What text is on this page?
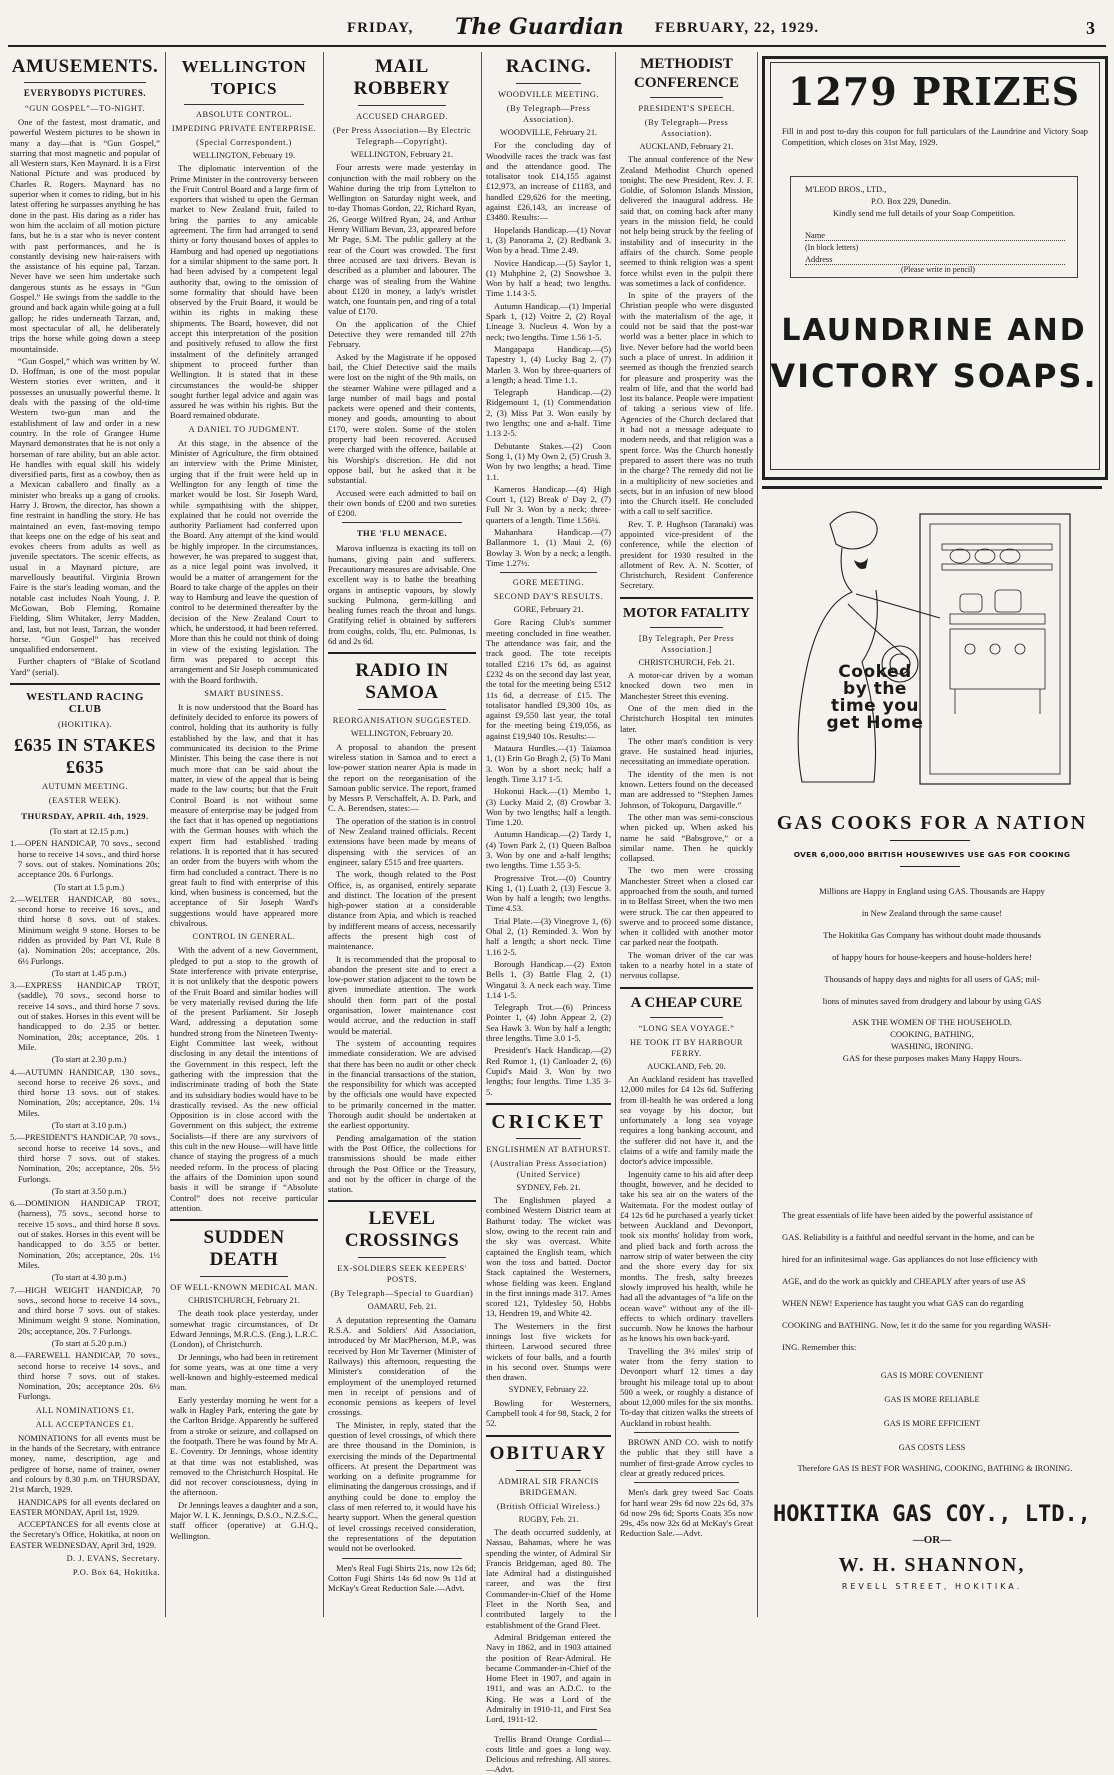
FRIDAY, The Guardian FEBRUARY, 22, 1929.	3
AMUSEMENTS.
EVERYBODYS PICTURES.
“GUN GOSPEL”—TO-NIGHT.

One of the fastest, most dramatic, and powerful Western pictures to be shown in many a day—that is “Gun Gospel,” starring that most magnetic and popular of all Western stars, Ken Maynard. It is a First National Picture and was produced by Charles R. Rogers. Maynard has no superior when it comes to riding, but in his latest offering he surpasses anything he has done in the past. His daring as a rider has won him the acclaim of all motion picture fans, but he is a star who is never content with past performances, and he is constantly devising new hair-raisers with the assistance of his equine pal, Tarzan. Never have we seen him undertake such dangerous stunts as he essays in “Gun Gospel.” He swings from the saddle to the ground and back again while going at a full gallop; he rides underneath Tarzan, and, most spectacular of all, he deliberately trips the horse while going down a steep mountainside.

“Gun Gospel,” which was written by W. D. Hoffman, is one of the most popular Western stories ever written, and it possesses an unusually powerful theme. It deals with the passing of the old-time Western two-gun man and the establishment of law and order in a new country. In the role of Grangee Hume Maynard demonstrates that he is not only a horseman of rare ability, but an able actor. He handles with equal skill his widely diversified parts, first as a cowboy, then as a Mexican caballero and finally as a minister who breaks up a gang of crooks. Harry J. Brown, the director, has shown a fine restraint in handling the story. He has maintained an even, fast-moving tempo that keeps one on the edge of his seat and evokes cheers from adults as well as juvenile spectators. The scenic effects, as usual in a Maynard picture, are marvellously beautiful. Virginia Brown Faire is the star's leading woman, and the notable cast includes Noah Young, J. P. McGowan, Bob Fleming, Romaine Fielding, Slim Whitaker, Jerry Madden, and, last, but not least, Tarzan, the wonder horse. “Gun Gospel” has received unqualified endorsement.

Further chapters of “Blake of Scotland Yard” (serial).

WESTLAND RACING CLUB
(HOKITIKA).
£635 IN STAKES £635
AUTUMN MEETING.
(EASTER WEEK).
THURSDAY, APRIL 4th, 1929.

(To start at 12.15 p.m.)

1.—OPEN HANDICAP, 70 sovs., second horse to receive 14 sovs., and third horse 7 sovs. out of stakes. Nominations 20s; acceptance 20s. 6 Furlongs.

(To start at 1.5 p.m.)

2.—WELTER HANDICAP, 80 sovs., second horse to receive 16 sovs., and third horse 8 sovs. out of stakes. Minimum weight 9 stone. Horses to be ridden as provided by Part VI, Rule 8 (a). Nomination 20s; acceptance, 20s. 6½ Furlongs.

(To start at 1.45 p.m.)

3.—EXPRESS HANDICAP TROT, (saddle), 70 sovs., second horse to receive 14 sovs., and third horse 7 sovs. out of stakes. Horses in this event will be handicapped to do 2.35 or better. Nomination, 20s; acceptance, 20s. 1 Mile.

(To start at 2.30 p.m.)

4.—AUTUMN HANDICAP, 130 sovs., second horse to receive 26 sovs., and third horse 13 sovs. out of stakes. Nomination, 20s; acceptance, 20s. 1¼ Miles.

(To start at 3.10 p.m.)

5.—PRESIDENT'S HANDICAP, 70 sovs., second horse to receive 14 sovs., and third horse 7 sovs. out of stakes. Nomination, 20s; acceptance, 20s. 5½ Furlongs.

(To start at 3.50 p.m.)

6.—DOMINION HANDICAP TROT, (harness), 75 sovs., second horse to receive 15 sovs., and third horse 8 sovs. out of stakes. Horses in this event will be handicapped to do 3.55 or better. Nomination, 20s; acceptance, 20s. 1½ Miles.

(To start at 4.30 p.m.)

7.—HIGH WEIGHT HANDICAP, 70 sovs., second horse to receive 14 sovs., and third horse 7 sovs. out of stakes. Minimum weight 9 stone. Nomination, 20s; acceptance, 20s. 7 Furlongs.

(To start at 5.20 p.m.)

8.—FAREWELL HANDICAP, 70 sovs., second horse to receive 14 sovs., and third horse 7 sovs. out of stakes. Nomination, 20s; acceptance 20s. 6½ Furlongs.

ALL NOMINATIONS £1.
ALL ACCEPTANCES £1.

NOMINATIONS for all events must be in the hands of the Secretary, with entrance money, name, description, age and pedigree of horse, name of trainer, owner and colours by 8.30 p.m. on THURSDAY, 21st March, 1929.

HANDICAPS for all events declared on EASTER MONDAY, April 1st, 1929.

ACCEPTANCES for all events close at the Secretary's Office, Hokitika, at noon on EASTER WEDNESDAY, April 3rd, 1929.

D. J. EVANS, Secretary.
P.O. Box 64, Hokitika.
WELLINGTON TOPICS
ABSOLUTE CONTROL.
IMPEDING PRIVATE ENTERPRISE.
(Special Correspondent.)
WELLINGTON, February 19.

The diplomatic intervention of the Prime Minister in the controversy between the Fruit Control Board and a large firm of exporters that wished to open the German market to New Zealand fruit, failed to bring the parties to any amicable agreement. The firm had arranged to send thirty or forty thousand boxes of apples to Hamburg and had opened up negotiations for a similar shipment to the same port. It had been advised by a competent legal authority that, owing to the omission of some formality that should have been observed by the Fruit Board, it would be within its rights in making these shipments. The Board, however, did not accept this interpretation of the position and positively refused to allow the first instalment of the definitely arranged shipment to proceed further than Wellington. It is stated that in these circumstances the would-be shipper sought further legal advice and again was assured he was within his rights. But the Board remained obdurate.

A DANIEL TO JUDGMENT.

At this stage, in the absence of the Minister of Agriculture, the firm obtained an interview with the Prime Minister, urging that if the fruit were held up in Wellington for any length of time the market would be lost. Sir Joseph Ward, while sympathising with the shipper, explained that he could not override the authority Parliament had conferred upon the Board. Any attempt of the kind would be highly improper. In the circumstances, however, he was prepared to suggest that, as a nice legal point was involved, it would be a matter of arrangement for the Board to take charge of the apples on their way to Hamburg and leave the question of control to be determined thereafter by the decision of the New Zealand Court to which, he understood, it had been referred. More than this he could not think of doing in view of the existing legislation. The firm was prepared to accept this arrangement and Sir Joseph communicated with the Board forthwith.

SMART BUSINESS.

It is now understood that the Board has definitely decided to enforce its powers of control, holding that its authority is fully established by the law, and that it has communicated its decision to the Prime Minister. This being the case there is not much more that can be said about the matter, in view of the appeal that is being made to the law courts; but that the Fruit Control Board is not without some measure of enterprise may be judged from the fact that it has opened up negotiations with the German houses with which the expert firm had established trading relations. It is reported that it has secured an order from the buyers with whom the firm had concluded a contract. There is no great fault to find with enterprise of this kind, when business is concerned, but the acceptance of Sir Joseph Ward's suggestions would have appeared more chivalrous.

CONTROL IN GENERAL.

With the advent of a new Government, pledged to put a stop to the growth of State interference with private enterprise, it is not unlikely that the despotic powers of the Fruit Board and similar bodies will be very materially revised during the life of the present Parliament. Sir Joseph Ward, addressing a deputation some hundred strong from the Nineteen Twenty-Eight Committee last week, without disclosing in any detail the intentions of the Government in this respect, left the gathering with the impression that the indiscriminate trading of both the State and its subsidiary bodies would have to be drastically revised. As the new official Opposition is in close accord with the Government on this subject, the extreme Socialists—if there are any survivors of this cult in the new House—will have little chance of staying the progress of a much needed reform. In the process of placing the affairs of the Dominion upon sound basis it will be strange if “Absolute Control” does not receive particular attention.

SUDDEN DEATH
OF WELL-KNOWN MEDICAL MAN.
CHRISTCHURCH, February 21.

The death took place yesterday, under somewhat tragic circumstances, of Dr Edward Jennings, M.R.C.S. (Eng.), L.R.C. (London), of Christchurch.

Dr Jennings, who had been in retirement for some years, was at one time a very well-known and highly-esteemed medical man.

Early yesterday morning he went for a walk in Hagley Park, entering the gate by the Carlton Bridge. Apparently he suffered from a stroke or seizure, and collapsed on the footpath. There he was found by Mr A. E. Coventry. Dr Jennings, whose identity at that time was not established, was removed to the Christchurch Hospital. He did not recover consciousness, dying in the afternoon.

Dr Jennings leaves a daughter and a son, Major W. I. K. Jennings, D.S.O., N.Z.S.C., staff officer (operative) at G.H.Q., Wellington.

MAIL ROBBERY
ACCUSED CHARGED.
(Per Press Association—By Electric Telegraph—Copyright).
WELLINGTON, February 21.

Four arrests were made yesterday in conjunction with the mail robbery on the Wahine during the trip from Lyttelton to Wellington on Saturday night week, and to-day Thomas Gordon, 22, Richard Ryan, 26, George Wilfred Ryan, 24, and Arthur Henry William Bevan, 23, appeared before Mr Page, S.M. The public gallery at the rear of the Court was crowded. The first three accused are taxi drivers. Bevan is described as a plumber and labourer. The charge was of stealing from the Wahine about £120 in money, a lady's wristlet watch, one fountain pen, and ring of a total value of £170.

On the application of the Chief Detective they were remanded till 27th February.

Asked by the Magistrate if he opposed bail, the Chief Detective said the mails were lost on the night of the 9th mails, on the steamer Wahine were pillaged and a large number of mail bags and postal packets were opened and their contents, money and goods, amounting to about £170, were stolen. Some of the stolen property had been recovered. Accused were charged with the offence, bailable at his Worship's discretion. He did not oppose bail, but he asked that it be substantial.

Accused were each admitted to bail on their own bonds of £200 and two sureties of £200.

THE 'FLU MENACE.

Marova influenza is exacting its toll on humans, giving pain and sufferers. Precautionary measures are advisable. One excellent way is to bathe the breathing organs in antiseptic vapours, by slowly sucking Pulmona, germ-killing and healing fumes reach the throat and lungs. Gratifying relief is obtained by sufferers from coughs, colds, 'flu, etc. Pulmonas, 1s 6d and 2s 6d.

RADIO IN SAMOA
REORGANISATION SUGGESTED.
WELLINGTON, February 20.

A proposal to abandon the present wireless station in Samoa and to erect a low-power station nearer Apia is made in the report on the reorganisation of the Samoan public service. The report, framed by Messrs P. Verschaffelt, A. D. Park, and C. A. Berendsen, states:—

The operation of the station is in control of New Zealand trained officials. Recent extensions have been made by means of dispensing with the services of an engineer, salary £515 and free quarters.

The work, though related to the Post Office, is, as organised, entirely separate and distinct. The location of the present high-power station at a considerable distance from Apia, and which is reached by indifferent means of access, necessarily affects the present high cost of maintenance.

It is recommended that the proposal to abandon the present site and to erect a low-power station adjacent to the town be given immediate attention. The work should then form part of the postal organisation, lower maintenance cost would accrue, and the reduction in staff would be material.

The system of accounting requires immediate consideration. We are advised that there has been no audit or other check in the financial transactions of the station, the responsibility for which was accepted by the officials one would have expected to be primarily concerned in the matter. Thorough audit should be undertaken at the earliest opportunity.

Pending amalgamation of the station with the Post Office, the collections for transmissions should be made either through the Post Office or the Treasury, and not by the officer in charge of the station.

LEVEL CROSSINGS
EX-SOLDIERS SEEK KEEPERS' POSTS.
(By Telegraph—Special to Guardian)
OAMARU, Feb. 21.

A deputation representing the Oamaru R.S.A. and Soldiers' Aid Association, introduced by Mr MacPherson, M.P., was received by Hon Mr Taverner (Minister of Railways) this afternoon, requesting the Minister's consideration of the employment of the unemployed returned men in receipt of pensions and of economic pensions as keepers of level crossings.

The Minister, in reply, stated that the question of level crossings, of which there are three thousand in the Dominion, is exercising the minds of the Departmental officers. At present the Department was working on a definite programme for eliminating the dangerous crossings, and if anything could be done to employ the class of men referred to, it would have his hearty support. When the general question of level crossings received consideration, the representations of the deputation would not be overlooked.

Men's Real Fugi Shirts 21s, now 12s 6d; Cotton Fugi Shirts 14s 6d now 9s 11d at McKay's Great Reduction Sale.—Advt.

RACING.
WOODVILLE MEETING.
(By Telegraph—Press Association).
WOODVILLE, February 21.

For the concluding day of Woodville races the track was fast and the attendance good. The totalisator took £14,155 against £12,973, an increase of £1183, and handled £29,626 for the meeting, against £26,143, an increase of £3480. Results:—

Hopelands Handicap.—(1) Novar 1, (3) Panorama 2, (2) Redbank 3. Won by a head. Time 2.49.

Novice Handicap.—(5) Saylor 1, (1) Muhphine 2, (2) Snowshoe 3. Won by half a head; two lengths. Time 1.14 3-5.

Autumn Handicap.—(1) Imperial Spark 1, (12) Voitre 2, (2) Royal Lineage 3. Nucleus 4. Won by a neck; two lengths. Time 1.56 1-5.

Mangapapa Handicap.—(5) Tapestry 1, (4) Lucky Bag 2, (7) Marlen 3. Won by three-quarters of a length; a head. Time 1.1.

Telegraph Handicap.—(2) Ridgemount 1, (1) Commendation 2, (3) Miss Pat 3. Won easily by two lengths; one and a-half. Time 1.13 2-5.

Debutante Stakes.—(2) Coon Song 1, (1) My Own 2, (5) Crush 3. Won by two lengths; a head. Time 1.1.

Kameros Handicap.—(4) High Court 1, (12) Break o' Day 2, (7) Full Nr 3. Won by a neck; three-quarters of a length. Time 1.56¼.

Mahanhara Handicap.—(7) Ballanmore 1, (1) Maui 2, (6) Bowlay 3. Won by a neck; a length. Time 1.27½.

GORE MEETING.
SECOND DAY'S RESULTS.
GORE, February 21.

Gore Racing Club's summer meeting concluded in fine weather. The attendance was fair, and the track good. The tote receipts totalled £216 17s 6d, as against £232 4s on the second day last year, the total for the meeting being £512 11s 6d, a decrease of £15. The totalisator handled £9,300 10s, as against £9,550 last year, the total for the meeting being £19,056, as against £19,940 10s. Results:—

Mataura Hurdles.—(1) Taiamoa 1, (1) Erin Go Bragh 2, (5) To Mani 3. Won by a short neck; half a length. Time 3.17 1-5.

Hokonui Hack.—(1) Membo 1, (3) Lucky Maid 2, (8) Crowbar 3. Won by two lengths; half a length. Time 1.20.

Autumn Handicap.—(2) Tardy 1, (4) Town Park 2, (1) Queen Balboa 3. Won by one and a-half lengths; two lengths. Time 1.55 3-5.

Progressive Trot.—(0) Country King 1, (1) Luath 2, (13) Fescue 3. Won by half a length; two lengths. Time 4.53.

Trial Plate.—(3) Vinegrove 1, (6) Ohal 2, (1) Reminded 3. Won by half a length; a short neck. Time 1.16 2-5.

Borough Handicap.—(2) Exton Bells 1, (3) Battle Flag 2, (1) Wingatui 3. A neck each way. Time 1.14 1-5.

Telegraph Trot.—(6) Princess Pointer 1, (4) John Appear 2, (2) Sea Hawk 3. Won by half a length; three lengths. Time 3.0 1-5.

President's Hack Handicap.—(2) Red Rumor 1, (1) Canloader 2, (6) Cupid's Maid 3. Won by two lengths; four lengths. Time 1.35 3-5.

CRICKET
ENGLISHMEN AT BATHURST.
(Australian Press Association) (United Service)
SYDNEY, Feb. 21.

The Englishmen played a combined Western District team at Bathurst today. The wicket was slow, owing to the recent rain and the sky was overcast. White captained the English team, which won the toss and batted. Doctor Stack captained the Westerners, whose fielding was keen. England in the first innings made 317. Ames scored 121, Tyldesley 50, Hobbs 13, Hendren 19, and White 42.

The Westerners in the first innings lost five wickets for thirteen. Larwood secured three wickets of four balls, and a fourth in his second over. Stumps were then drawn.

SYDNEY, February 22.

Bowling for Westerners, Campbell took 4 for 98, Stack, 2 for 52.

OBITUARY
ADMIRAL SIR FRANCIS BRIDGEMAN.
(British Official Wireless.)
RUGBY, Feb. 21.

The death occurred suddenly, at Nassau, Bahamas, where he was spending the winter, of Admiral Sir Francis Bridgeman, aged 80. The late Admiral had a distinguished career, and was the first Commander-in-Chief of the Home Fleet in the North Sea, and contributed largely to the establishment of the Grand Fleet.

Admiral Bridgeman entered the Navy in 1862, and in 1903 attained the position of Rear-Admiral. He became Commander-in-Chief of the Home Fleet in 1907, and again in 1911, and was an A.D.C. to the King. He was a Lord of the Admiralty in 1910-11, and First Sea Lord, 1911-12.

Trellis Brand Orange Cordial—costs little and goes a long way. Delicious and refreshing. All stores.—Advt.

METHODIST
CONFERENCE
PRESIDENT'S SPEECH.
(By Telegraph—Press Association).
AUCKLAND, February 21.

The annual conference of the New Zealand Methodist Church opened tonight. The new President, Rev. J. F. Goldie, of Solomon Islands Mission, delivered the inaugural address. He said that, on coming back after many years in the mission field, he could not help being struck by the feeling of instability and of insecurity in the affairs of the church. Some people seemed to think religion was a spent force whilst even in the pulpit there was sometimes a lack of confidence.

In spite of the prayers of the Christian people who were disgusted with the materialism of the age, it could not be said that the post-war world was a better place in which to live. Never before had the world been such a place of unrest. In addition it seemed as though the frenzied search for pleasure and prosperity was the realm of life, and that the world had lost its balance. People were impatient of taking a serious view of life. Agencies of the Church declared that it had not a message adequate to modern needs, and that religion was a spent force. Was the Church honestly prepared to assert there was no truth in the charge? The remedy did not lie in a multiplicity of new societies and sects, but in an infusion of new blood into the Church itself. He concluded with a call to self sacrifice.

Rev. T. P. Hughson (Taranaki) was appointed vice-president of the conference, while the election of president for 1930 resulted in the allotment of Rev. A. N. Scotter, of Christchurch, Resident Conference Secretary.

MOTOR FATALITY
[By Telegraph, Per Press Association.]
CHRISTCHURCH, Feb. 21.

A motor-car driven by a woman knocked down two men in Manchester Street this evening.

One of the men died in the Christchurch Hospital ten minutes later.

The other man's condition is very grave. He sustained head injuries, necessitating an immediate operation.

The identity of the men is not known. Letters found on the deceased man are addressed to “Stephen James Johnson, of Tokopuru, Dargaville.”

The other man was semi-conscious when picked up. When asked his name he said “Babsgrove,” or a similar name. Then he quickly collapsed.

The two men were crossing Manchester Street when a closed car approached from the south, and turned in to Belfast Street, when the two men were struck. The car then appeared to swerve and to proceed some distance, when it collided with another motor car parked near the footpath.

The woman driver of the car was taken to a nearby hotel in a state of nervous collapse.

A CHEAP CURE
“LONG SEA VOYAGE.”
HE TOOK IT BY HARBOUR FERRY.
AUCKLAND, Feb. 20.

An Auckland resident has travelled 12,000 miles for £4 12s 6d. Suffering from ill-health he was ordered a long sea voyage by his doctor, but unfortunately a long sea voyage requires a long banking account, and the sufferer did not have it, and the claims of a wife and family made the doctor's advice impossible.

Ingenuity came to his aid after deep thought, however, and he decided to take his sea air on the waters of the Waitemata. For the modest outlay of £4 12s 6d he purchased a yearly ticket between Auckland and Devonport, took six months' holiday from work, and plied back and forth across the narrow strip of water between the city and the shore every day for six months. The fresh, salty breezes slowly improved his health, while he had all the advantages of “a life on the ocean wave” without any of the ill-effects to which ordinary travellers succumb. Now he knows the harbour as he knows his own back-yard.

Travelling the 3½ miles' strip of water from the ferry station to Devonport wharf 12 times a day brought his mileage total up to about 500 a week, or roughly a distance of about 12,000 miles for the six months. To-day that citizen walks the streets of Auckland in robust health.

BROWN AND CO. wish to notify the public that they still have a number of first-grade Arrow cycles to clear at greatly reduced prices.

Men's dark grey tweed Sac Coats for hard wear 29s 6d now 22s 6d, 37s 6d now 29s 6d; Sports Coats 35s now 29s, 45s now 32s 6d at McKay's Great Reduction Sale.—Advt.

1279 PRIZES
Fill in and post to-day this coupon for full particulars of the Laundrine and Victory Soap Competition, which closes on 31st May, 1929.
M'LEOD BROS., LTD.,
P.O. Box 229, Dunedin.
Kindly send me full details of your Soap Competition.
Name
(In block letters)
Address
(Please write in pencil)
LAUNDRINE AND
VICTORY SOAPS.
Cooked
by the
time you
get Home
GAS COOKS FOR A NATION
OVER 6,000,000 BRITISH HOUSEWIVES USE GAS FOR COOKING
Millions are Happy in England using GAS. Thousands are Happy
in New Zealand through the same cause!
The Hokitika Gas Company has without doubt made thousands
of happy hours for house-keepers and house-holders here!
Thousands of happy days and nights for all users of GAS; mil-
lions of minutes saved from drudgery and labour by using GAS
ASK THE WOMEN OF THE HOUSEHOLD.
COOKING, BATHING,
WASHING, IRONING.
GAS for these purposes makes Many Happy Hours.
The great essentials of life have been aided by the powerful assistance of
GAS. Reliability is a faithful and needful servant in the home, and can be
hired for an infinitesimal wage. Gas appliances do not lose efficiency with
AGE, and do the work as quickly and CHEAPLY after years of use AS
WHEN NEW! Experience has taught you what GAS can do regarding
COOKING and BATHING. Now, let it do the same for you regarding WASH-
ING. Remember this:
GAS IS MORE COVENIENT
GAS IS MORE RELIABLE
GAS IS MORE EFFICIENT
GAS COSTS LESS
Therefore GAS IS BEST FOR WASHING, COOKING, BATHING & IRONING.
HOKITIKA GAS COY., LTD.,
—OR—
W. H. SHANNON,
REVELL STREET, HOKITIKA.
